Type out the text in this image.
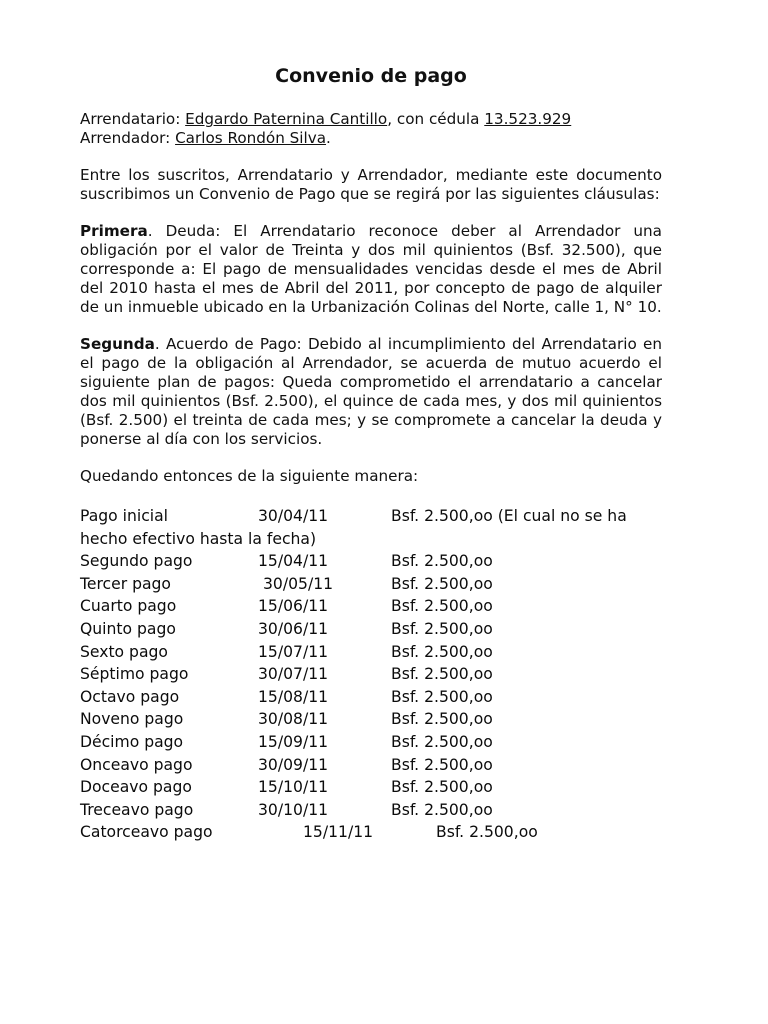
Convenio de pago

Arrendatario: Edgardo Paternina Cantillo, con cédula 13.523.929
Arrendador: Carlos Rondón Silva.

Entre los suscritos, Arrendatario y Arrendador, mediante este documento suscribimos un Convenio de Pago que se regirá por las siguientes cláusulas:

Primera. Deuda: El Arrendatario reconoce deber al Arrendador una obligación por el valor de Treinta y dos mil quinientos (Bsf. 32.500), que corresponde a: El pago de mensualidades vencidas desde el mes de Abril del 2010 hasta el mes de Abril del 2011, por concepto de pago de alquiler de un inmueble ubicado en la Urbanización Colinas del Norte, calle 1, N° 10.

Segunda. Acuerdo de Pago: Debido al incumplimiento del Arrendatario en el pago de la obligación al Arrendador, se acuerda de mutuo acuerdo el siguiente plan de pagos: Queda comprometido el arrendatario a cancelar dos mil quinientos (Bsf. 2.500), el quince de cada mes, y dos mil quinientos (Bsf. 2.500) el treinta de cada mes; y se compromete a cancelar la deuda y ponerse al día con los servicios.

Quedando entonces de la siguiente manera:

Pago inicial	30/04/11	Bsf. 2.500,oo (El cual no se ha
hecho efectivo hasta la fecha)
Segundo pago	15/04/11	Bsf. 2.500,oo
Tercer pago	30/05/11	Bsf. 2.500,oo
Cuarto pago	15/06/11	Bsf. 2.500,oo
Quinto pago	30/06/11	Bsf. 2.500,oo
Sexto pago	15/07/11	Bsf. 2.500,oo
Séptimo pago	30/07/11	Bsf. 2.500,oo
Octavo pago	15/08/11	Bsf. 2.500,oo
Noveno pago	30/08/11	Bsf. 2.500,oo
Décimo pago	15/09/11	Bsf. 2.500,oo
Onceavo pago	30/09/11	Bsf. 2.500,oo
Doceavo pago	15/10/11	Bsf. 2.500,oo
Treceavo pago	30/10/11	Bsf. 2.500,oo
Catorceavo pago	15/11/11	Bsf. 2.500,oo
